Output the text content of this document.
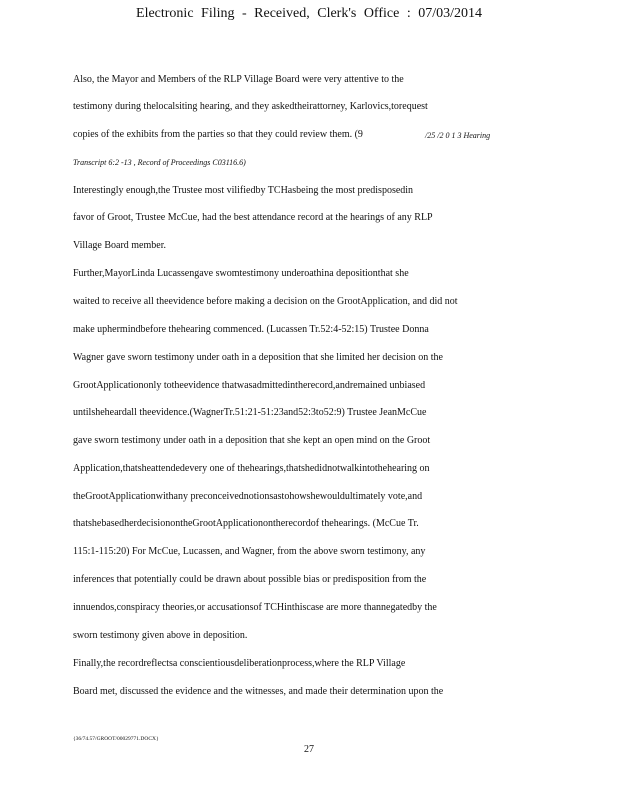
Electronic Filing - Received, Clerk's Office : 07/03/2014
Also, the Mayor and Members of the RLP Village Board were very attentive to the
testimony during thelocalsiting hearing, and they askedtheirattorney, Karlovics,torequest
copies of the exhibits from the parties so that they could review them. (9	/25 /2 0 1 3 Hearing
Transcript 6:2 -13 , Record of Proceedings C03116.6)
Interestingly enough,the Trustee most vilifiedby TCHasbeing the most predisposedin
favor of Groot, Trustee McCue, had the best attendance record at the hearings of any RLP
Village Board member.
Further,MayorLinda Lucassengave swomtestimony underoathina depositionthat she
waited to receive all theevidence before making a decision on the GrootApplication, and did not
make uphermindbefore thehearing commenced. (Lucassen Tr.52:4-52:15) Trustee Donna
Wagner gave sworn testimony under oath in a deposition that she limited her decision on the
GrootApplicationonly totheevidence thatwasadmittedintherecord,andremained unbiased
untilsheheardall theevidence.(WagnerTr.51:21-51:23and52:3to52:9) Trustee JeanMcCue
gave sworn testimony under oath in a deposition that she kept an open mind on the Groot
Application,thatsheattendedevery one of thehearings,thatshedidnotwalkintothehearing on
theGrootApplicationwithany preconceivednotionsastohowshewouldultimately vote,and
thatshebasedherdecisionontheGrootApplicationontherecordof thehearings. (McCue Tr.
115:1-115:20) For McCue, Lucassen, and Wagner, from the above sworn testimony, any
inferences that potentially could be drawn about possible bias or predisposition from the
innuendos,conspiracy theories,or accusationsof TCHinthiscase are more thannegatedby the
sworn testimony given above in deposition.
Finally,the recordreflectsa conscientiousdeliberationprocess,where the RLP Village
Board met, discussed the evidence and the witnesses, and made their determination upon the
{36/74.57/GROOT/00029771.DOCX}
27
